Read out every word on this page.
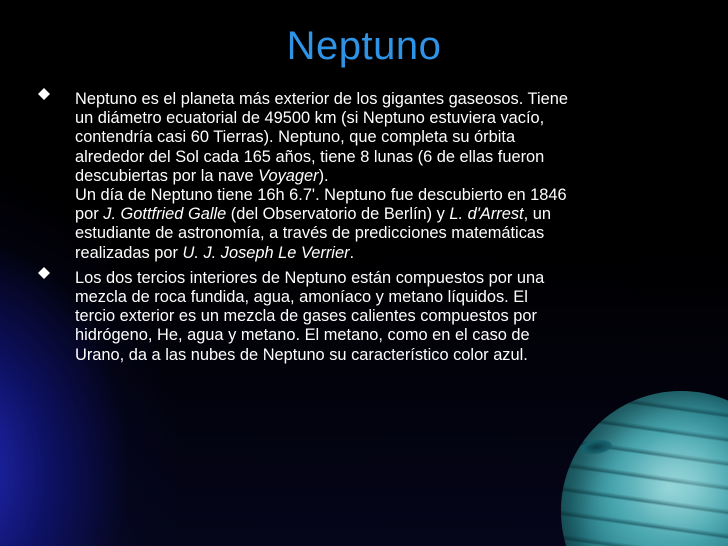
Neptuno
Neptuno es el planeta más exterior de los gigantes gaseosos. Tiene
un diámetro ecuatorial de 49500 km (si Neptuno estuviera vacío,
contendría casi 60 Tierras). Neptuno, que completa su órbita
alrededor del Sol cada 165 años, tiene 8 lunas (6 de ellas fueron
descubiertas por la nave Voyager).
Un día de Neptuno tiene 16h 6.7'. Neptuno fue descubierto en 1846
por J. Gottfried Galle (del Observatorio de Berlín) y L. d'Arrest, un
estudiante de astronomía, a través de predicciones matemáticas
realizadas por U. J. Joseph Le Verrier.
Los dos tercios interiores de Neptuno están compuestos por una
mezcla de roca fundida, agua, amoníaco y metano líquidos. El
tercio exterior es un mezcla de gases calientes compuestos por
hidrógeno, He, agua y metano. El metano, como en el caso de
Urano, da a las nubes de Neptuno su característico color azul.
